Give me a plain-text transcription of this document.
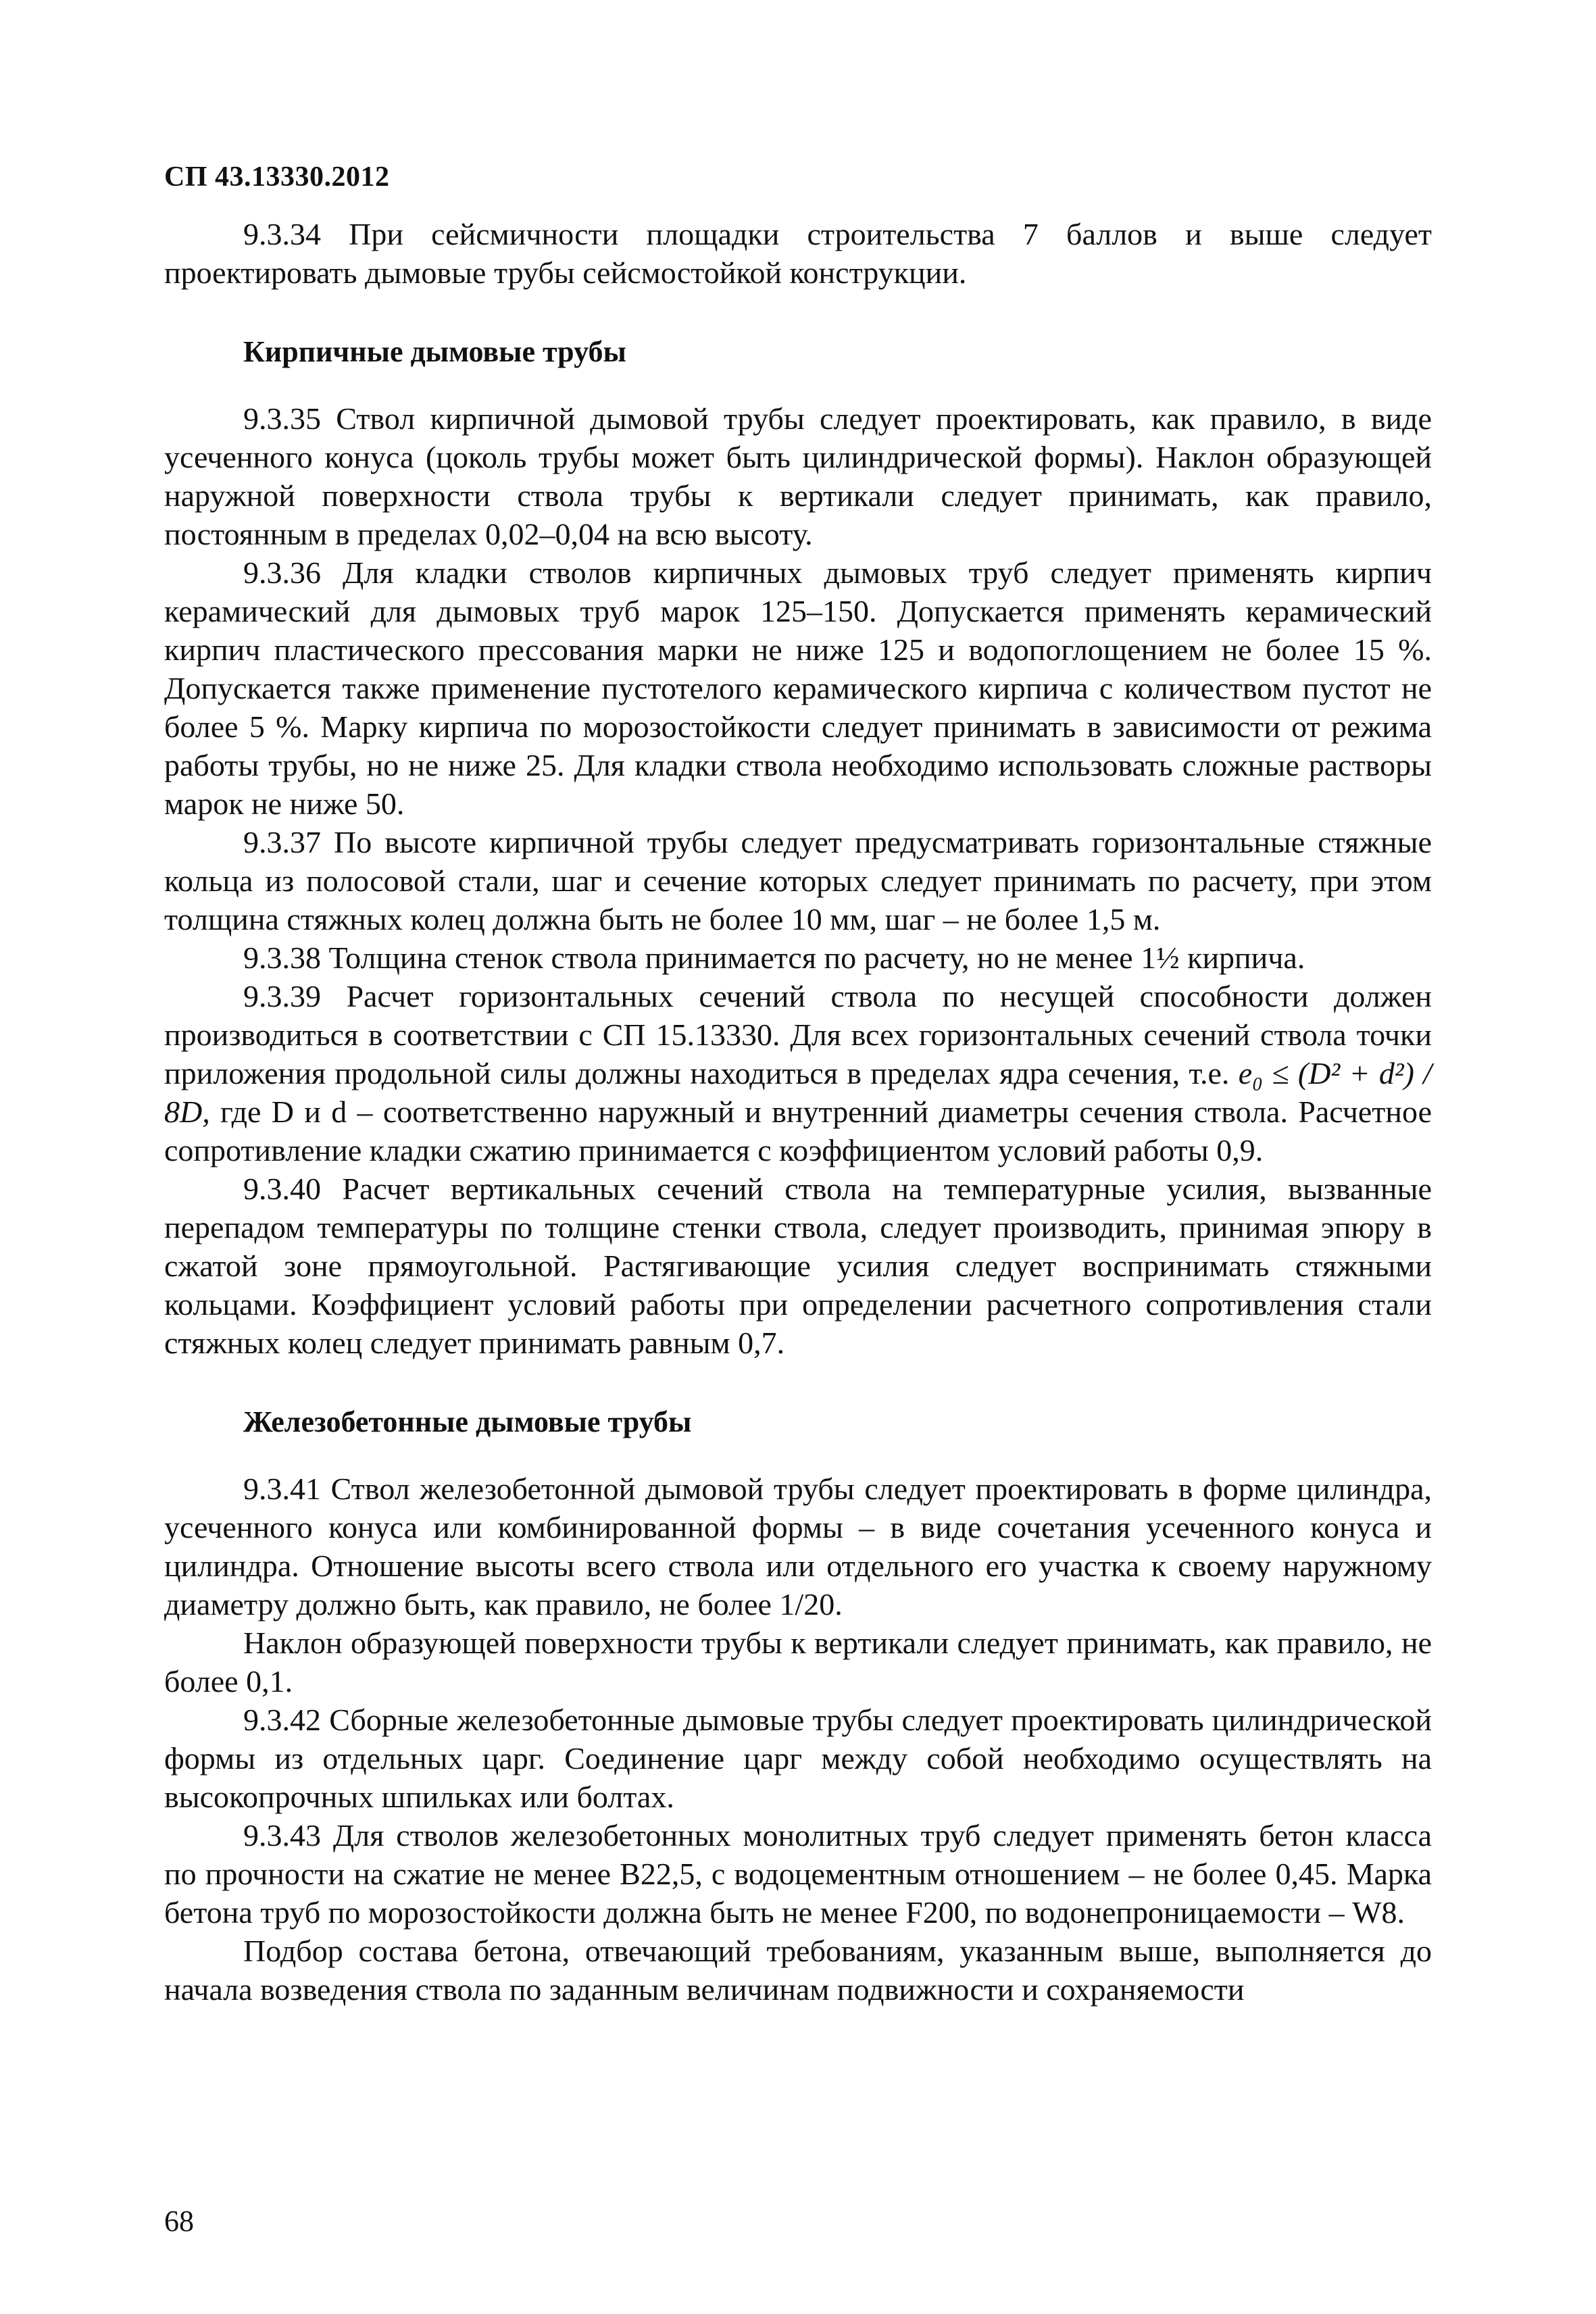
СП 43.13330.2012

9.3.34 При сейсмичности площадки строительства 7 баллов и выше следует проектировать дымовые трубы сейсмостойкой конструкции.

Кирпичные дымовые трубы

9.3.35 Ствол кирпичной дымовой трубы следует проектировать, как правило, в виде усеченного конуса (цоколь трубы может быть цилиндрической формы). Наклон образующей наружной поверхности ствола трубы к вертикали следует принимать, как правило, постоянным в пределах 0,02–0,04 на всю высоту.

9.3.36 Для кладки стволов кирпичных дымовых труб следует применять кирпич керамический для дымовых труб марок 125–150. Допускается применять керамический кирпич пластического прессования марки не ниже 125 и водопоглощением не более 15 %. Допускается также применение пустотелого керамического кирпича с количеством пустот не более 5 %. Марку кирпича по морозостойкости следует принимать в зависимости от режима работы трубы, но не ниже 25. Для кладки ствола необходимо использовать сложные растворы марок не ниже 50.

9.3.37 По высоте кирпичной трубы следует предусматривать горизонтальные стяжные кольца из полосовой стали, шаг и сечение которых следует принимать по расчету, при этом толщина стяжных колец должна быть не более 10 мм, шаг – не более 1,5 м.

9.3.38 Толщина стенок ствола принимается по расчету, но не менее 1½ кирпича.

9.3.39 Расчет горизонтальных сечений ствола по несущей способности должен производиться в соответствии с СП 15.13330. Для всех горизонтальных сечений ствола точки приложения продольной силы должны находиться в пределах ядра сечения, т.е. e₀ ≤ (D² + d²) / 8D, где D и d – соответственно наружный и внутренний диаметры сечения ствола. Расчетное сопротивление кладки сжатию принимается с коэффициентом условий работы 0,9.

9.3.40 Расчет вертикальных сечений ствола на температурные усилия, вызванные перепадом температуры по толщине стенки ствола, следует производить, принимая эпюру в сжатой зоне прямоугольной. Растягивающие усилия следует воспринимать стяжными кольцами. Коэффициент условий работы при определении расчетного сопротивления стали стяжных колец следует принимать равным 0,7.

Железобетонные дымовые трубы

9.3.41 Ствол железобетонной дымовой трубы следует проектировать в форме цилиндра, усеченного конуса или комбинированной формы – в виде сочетания усеченного конуса и цилиндра. Отношение высоты всего ствола или отдельного его участка к своему наружному диаметру должно быть, как правило, не более 1/20.

Наклон образующей поверхности трубы к вертикали следует принимать, как правило, не более 0,1.

9.3.42 Сборные железобетонные дымовые трубы следует проектировать цилиндрической формы из отдельных царг. Соединение царг между собой необходимо осуществлять на высокопрочных шпильках или болтах.

9.3.43 Для стволов железобетонных монолитных труб следует применять бетон класса по прочности на сжатие не менее В22,5, с водоцементным отношением – не более 0,45. Марка бетона труб по морозостойкости должна быть не менее F200, по водонепроницаемости – W8.

Подбор состава бетона, отвечающий требованиям, указанным выше, выполняется до начала возведения ствола по заданным величинам подвижности и сохраняемости

68
